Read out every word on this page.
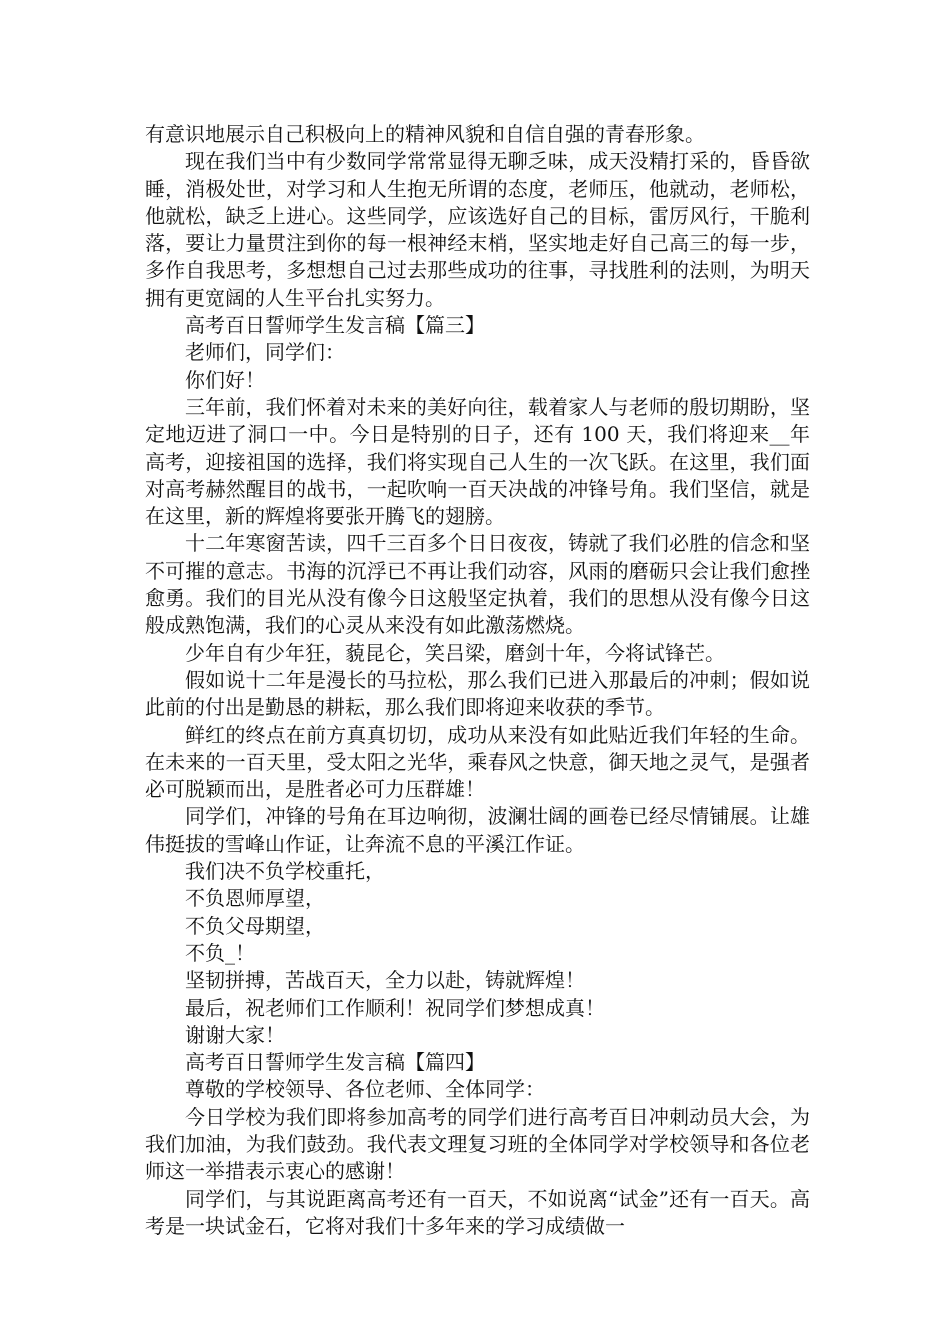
有意识地展示自己积极向上的精神风貌和自信自强的青春形象。

现在我们当中有少数同学常常显得无聊乏味，成天没精打采的，昏昏欲睡，消极处世，对学习和人生抱无所谓的态度，老师压，他就动，老师松，他就松，缺乏上进心。这些同学，应该选好自己的目标，雷厉风行，干脆利落，要让力量贯注到你的每一根神经末梢，坚实地走好自己高三的每一步，多作自我思考，多想想自己过去那些成功的往事，寻找胜利的法则，为明天拥有更宽阔的人生平台扎实努力。

高考百日誓师学生发言稿【篇三】

老师们，同学们：

你们好！

三年前，我们怀着对未来的美好向往，载着家人与老师的殷切期盼，坚定地迈进了洞口一中。今日是特别的日子，还有 100 天，我们将迎来__年高考，迎接祖国的选择，我们将实现自己人生的一次飞跃。在这里，我们面对高考赫然醒目的战书，一起吹响一百天决战的冲锋号角。我们坚信，就是在这里，新的辉煌将要张开腾飞的翅膀。

十二年寒窗苦读，四千三百多个日日夜夜，铸就了我们必胜的信念和坚不可摧的意志。书海的沉浮已不再让我们动容，风雨的磨砺只会让我们愈挫愈勇。我们的目光从没有像今日这般坚定执着，我们的思想从没有像今日这般成熟饱满，我们的心灵从来没有如此激荡燃烧。

少年自有少年狂，藐昆仑，笑吕梁，磨剑十年，今将试锋芒。

假如说十二年是漫长的马拉松，那么我们已进入那最后的冲刺；假如说此前的付出是勤恳的耕耘，那么我们即将迎来收获的季节。

鲜红的终点在前方真真切切，成功从来没有如此贴近我们年轻的生命。在未来的一百天里，受太阳之光华，乘春风之快意，御天地之灵气，是强者必可脱颖而出，是胜者必可力压群雄！

同学们，冲锋的号角在耳边响彻，波澜壮阔的画卷已经尽情铺展。让雄伟挺拔的雪峰山作证，让奔流不息的平溪江作证。

我们决不负学校重托，

不负恩师厚望，

不负父母期望，

不负_！

坚韧拼搏，苦战百天，全力以赴，铸就辉煌！

最后，祝老师们工作顺利！祝同学们梦想成真！

谢谢大家！

高考百日誓师学生发言稿【篇四】

尊敬的学校领导、各位老师、全体同学：

今日学校为我们即将参加高考的同学们进行高考百日冲刺动员大会，为我们加油，为我们鼓劲。我代表文理复习班的全体同学对学校领导和各位老师这一举措表示衷心的感谢！

同学们，与其说距离高考还有一百天，不如说离“试金”还有一百天。高考是一块试金石，它将对我们十多年来的学习成绩做一
